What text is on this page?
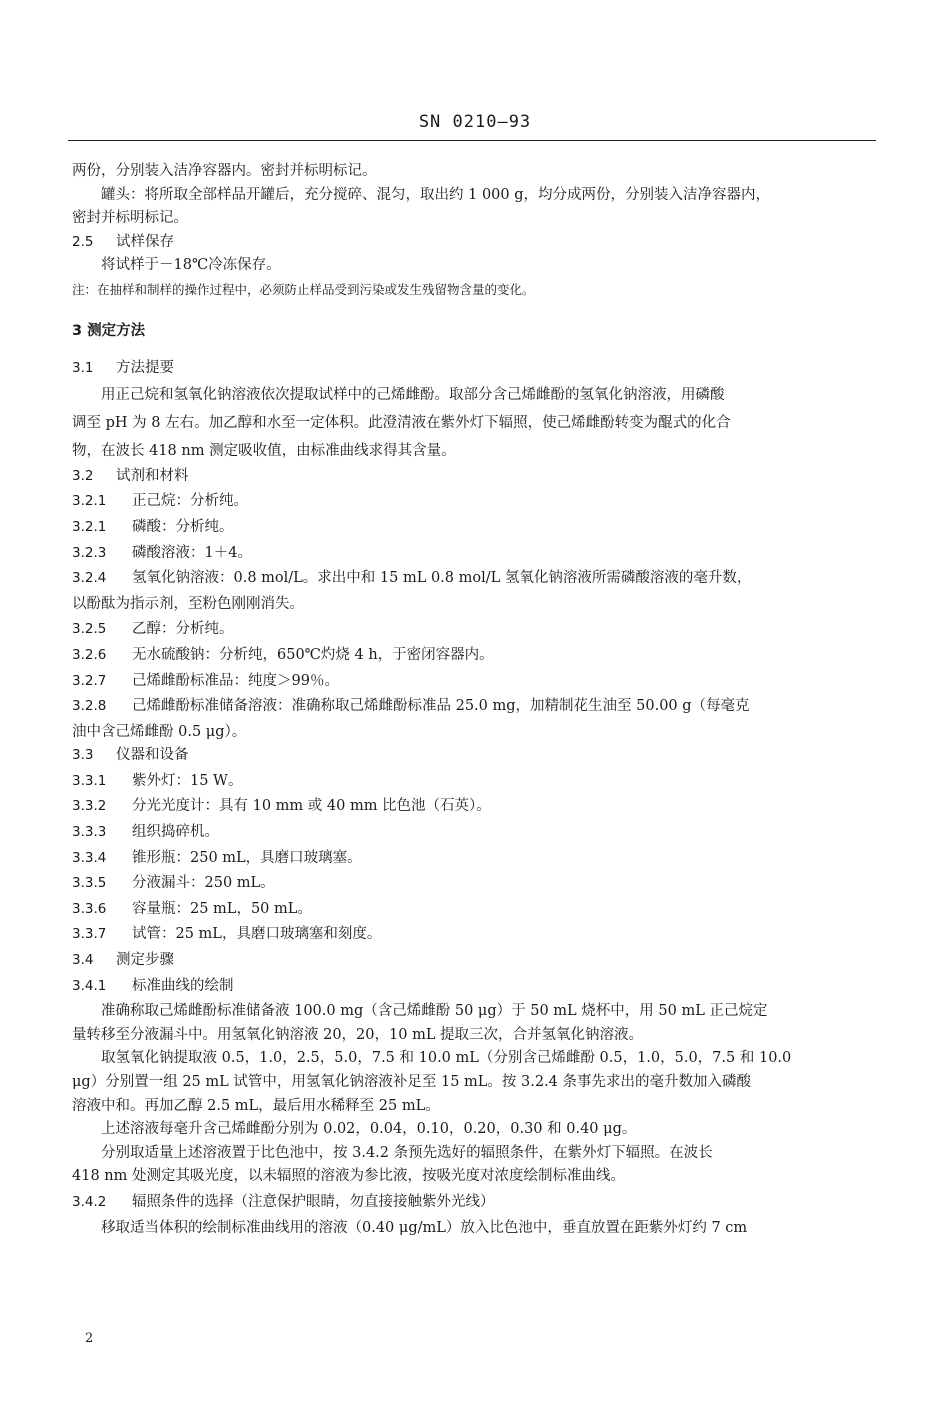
SN 0210—93

两份，分别装入洁净容器内。密封并标明标记。

罐头：将所取全部样品开罐后，充分搅碎、混匀，取出约 1 000 g，均分成两份，分别装入洁净容器内，

密封并标明标记。

2.5 试样保存

将试样于－18℃冷冻保存。

注：在抽样和制样的操作过程中，必须防止样品受到污染或发生残留物含量的变化。

3 测定方法

3.1 方法提要

用正己烷和氢氧化钠溶液依次提取试样中的己烯雌酚。取部分含己烯雌酚的氢氧化钠溶液，用磷酸

调至 pH 为 8 左右。加乙醇和水至一定体积。此澄清液在紫外灯下辐照，使己烯雌酚转变为醌式的化合

物，在波长 418 nm 测定吸收值，由标准曲线求得其含量。

3.2 试剂和材料

3.2.1 正己烷：分析纯。

3.2.1 磷酸：分析纯。

3.2.3 磷酸溶液：1＋4。

3.2.4 氢氧化钠溶液：0.8 mol/L。求出中和 15 mL 0.8 mol/L 氢氧化钠溶液所需磷酸溶液的毫升数，

以酚酞为指示剂，至粉色刚刚消失。

3.2.5 乙醇：分析纯。

3.2.6 无水硫酸钠：分析纯，650℃灼烧 4 h，于密闭容器内。

3.2.7 己烯雌酚标准品：纯度＞99％。

3.2.8 己烯雌酚标准储备溶液：准确称取己烯雌酚标准品 25.0 mg，加精制花生油至 50.00 g（每毫克

油中含己烯雌酚 0.5 μg）。

3.3 仪器和设备

3.3.1 紫外灯：15 W。

3.3.2 分光光度计：具有 10 mm 或 40 mm 比色池（石英）。

3.3.3 组织捣碎机。

3.3.4 锥形瓶：250 mL，具磨口玻璃塞。

3.3.5 分液漏斗：250 mL。

3.3.6 容量瓶：25 mL，50 mL。

3.3.7 试管：25 mL，具磨口玻璃塞和刻度。

3.4 测定步骤

3.4.1 标准曲线的绘制

准确称取己烯雌酚标准储备液 100.0 mg（含己烯雌酚 50 μg）于 50 mL 烧杯中，用 50 mL 正己烷定

量转移至分液漏斗中。用氢氧化钠溶液 20，20，10 mL 提取三次，合并氢氧化钠溶液。

取氢氧化钠提取液 0.5，1.0，2.5，5.0，7.5 和 10.0 mL（分别含己烯雌酚 0.5，1.0，5.0，7.5 和 10.0

μg）分别置一组 25 mL 试管中，用氢氧化钠溶液补足至 15 mL。按 3.2.4 条事先求出的毫升数加入磷酸

溶液中和。再加乙醇 2.5 mL，最后用水稀释至 25 mL。

上述溶液每毫升含己烯雌酚分别为 0.02，0.04，0.10，0.20，0.30 和 0.40 μg。

分别取适量上述溶液置于比色池中，按 3.4.2 条预先选好的辐照条件，在紫外灯下辐照。在波长

418 nm 处测定其吸光度，以未辐照的溶液为参比液，按吸光度对浓度绘制标准曲线。

3.4.2 辐照条件的选择（注意保护眼睛，勿直接接触紫外光线）

移取适当体积的绘制标准曲线用的溶液（0.40 μg/mL）放入比色池中，垂直放置在距紫外灯约 7 cm

2
